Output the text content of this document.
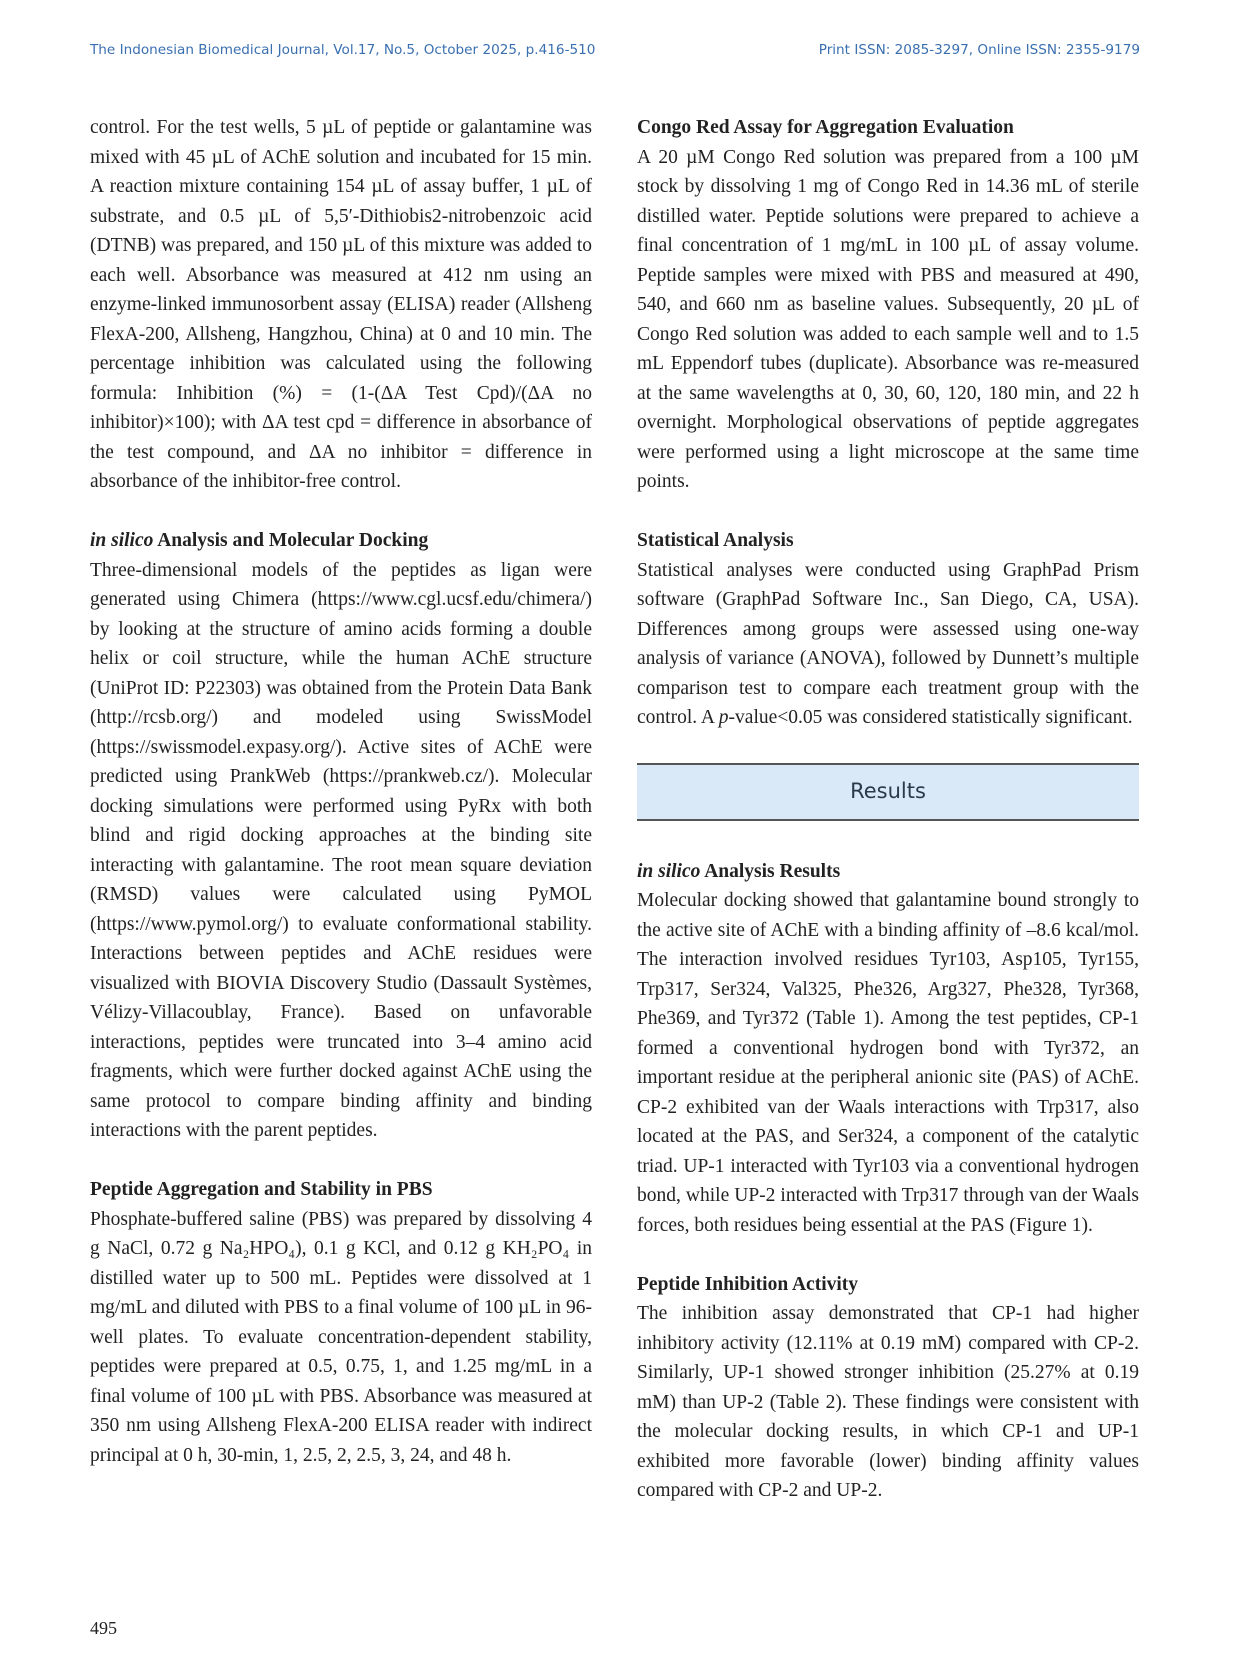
The Indonesian Biomedical Journal, Vol.17, No.5, October 2025, p.416-510	Print ISSN: 2085-3297, Online ISSN: 2355-9179

control. For the test wells, 5 µL of peptide or galantamine was mixed with 45 µL of AChE solution and incubated for 15 min. A reaction mixture containing 154 µL of assay buffer, 1 µL of substrate, and 0.5 µL of 5,5′-Dithiobis2-nitrobenzoic acid (DTNB) was prepared, and 150 µL of this mixture was added to each well. Absorbance was measured at 412 nm using an enzyme-linked immunosorbent assay (ELISA) reader (Allsheng FlexA-200, Allsheng, Hangzhou, China) at 0 and 10 min. The percentage inhibition was calculated using the following formula: Inhibition (%) = (1-(ΔA Test Cpd)/(ΔA no inhibitor)×100); with ΔA test cpd = difference in absorbance of the test compound, and ΔA no inhibitor = difference in absorbance of the inhibitor-free control.

in silico Analysis and Molecular Docking

Three-dimensional models of the peptides as ligan were generated using Chimera (https://www.cgl.ucsf.edu/chimera/) by looking at the structure of amino acids forming a double helix or coil structure, while the human AChE structure (UniProt ID: P22303) was obtained from the Protein Data Bank (http://rcsb.org/) and modeled using SwissModel (https://swissmodel.expasy.org/). Active sites of AChE were predicted using PrankWeb (https://prankweb.cz/). Molecular docking simulations were performed using PyRx with both blind and rigid docking approaches at the binding site interacting with galantamine. The root mean square deviation (RMSD) values were calculated using PyMOL (https://www.pymol.org/) to evaluate conformational stability. Interactions between peptides and AChE residues were visualized with BIOVIA Discovery Studio (Dassault Systèmes, Vélizy-Villacoublay, France). Based on unfavorable interactions, peptides were truncated into 3–4 amino acid fragments, which were further docked against AChE using the same protocol to compare binding affinity and binding interactions with the parent peptides.

Peptide Aggregation and Stability in PBS

Phosphate-buffered saline (PBS) was prepared by dissolving 4 g NaCl, 0.72 g Na₂HPO₄), 0.1 g KCl, and 0.12 g KH₂PO₄ in distilled water up to 500 mL. Peptides were dissolved at 1 mg/mL and diluted with PBS to a final volume of 100 µL in 96-well plates. To evaluate concentration-dependent stability, peptides were prepared at 0.5, 0.75, 1, and 1.25 mg/mL in a final volume of 100 µL with PBS. Absorbance was measured at 350 nm using Allsheng FlexA-200 ELISA reader with indirect principal at 0 h, 30-min, 1, 2.5, 2, 2.5, 3, 24, and 48 h.

Congo Red Assay for Aggregation Evaluation

A 20 µM Congo Red solution was prepared from a 100 µM stock by dissolving 1 mg of Congo Red in 14.36 mL of sterile distilled water. Peptide solutions were prepared to achieve a final concentration of 1 mg/mL in 100 µL of assay volume. Peptide samples were mixed with PBS and measured at 490, 540, and 660 nm as baseline values. Subsequently, 20 µL of Congo Red solution was added to each sample well and to 1.5 mL Eppendorf tubes (duplicate). Absorbance was re-measured at the same wavelengths at 0, 30, 60, 120, 180 min, and 22 h overnight. Morphological observations of peptide aggregates were performed using a light microscope at the same time points.

Statistical Analysis

Statistical analyses were conducted using GraphPad Prism software (GraphPad Software Inc., San Diego, CA, USA). Differences among groups were assessed using one-way analysis of variance (ANOVA), followed by Dunnett’s multiple comparison test to compare each treatment group with the control. A p-value<0.05 was considered statistically significant.

Results
in silico Analysis Results

Molecular docking showed that galantamine bound strongly to the active site of AChE with a binding affinity of –8.6 kcal/mol. The interaction involved residues Tyr103, Asp105, Tyr155, Trp317, Ser324, Val325, Phe326, Arg327, Phe328, Tyr368, Phe369, and Tyr372 (Table 1). Among the test peptides, CP-1 formed a conventional hydrogen bond with Tyr372, an important residue at the peripheral anionic site (PAS) of AChE. CP-2 exhibited van der Waals interactions with Trp317, also located at the PAS, and Ser324, a component of the catalytic triad. UP-1 interacted with Tyr103 via a conventional hydrogen bond, while UP-2 interacted with Trp317 through van der Waals forces, both residues being essential at the PAS (Figure 1).

Peptide Inhibition Activity

The inhibition assay demonstrated that CP-1 had higher inhibitory activity (12.11% at 0.19 mM) compared with CP-2. Similarly, UP-1 showed stronger inhibition (25.27% at 0.19 mM) than UP-2 (Table 2). These findings were consistent with the molecular docking results, in which CP-1 and UP-1 exhibited more favorable (lower) binding affinity values compared with CP-2 and UP-2.

495
